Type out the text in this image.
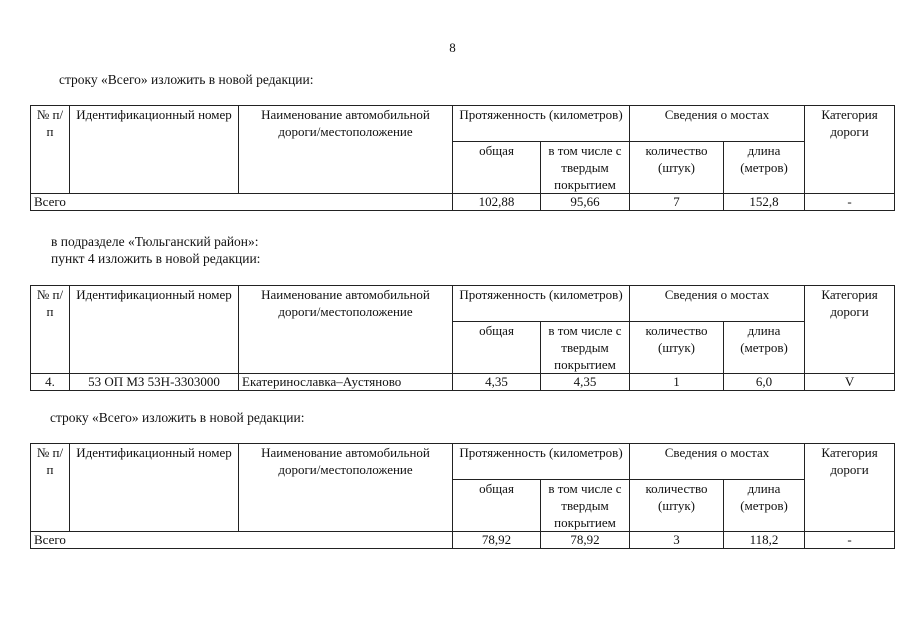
8
строку «Всего» изложить в новой редакции:
№ п/п	Идентификационный номер	Наименование автомобильной дороги/местоположение	Протяженность (километров)		Сведения о мостах		Категория дороги
			общая	в том числе с твердым покрытием	количество (штук)	длина (метров)	
Всего			102,88	95,66	7	152,8	-
в подразделе «Тюльганский район»:
пункт 4 изложить в новой редакции:
№ п/п	Идентификационный номер	Наименование автомобильной дороги/местоположение	Протяженность (километров)		Сведения о мостах		Категория дороги
			общая	в том числе с твердым покрытием	количество (штук)	длина (метров)	
4.	53 ОП МЗ 53Н-3303000	Екатеринославка–Аустяново	4,35	4,35	1	6,0	V
строку «Всего» изложить в новой редакции:
№ п/п	Идентификационный номер	Наименование автомобильной дороги/местоположение	Протяженность (километров)		Сведения о мостах		Категория дороги
			общая	в том числе с твердым покрытием	количество (штук)	длина (метров)	
Всего			78,92	78,92	3	118,2	-
